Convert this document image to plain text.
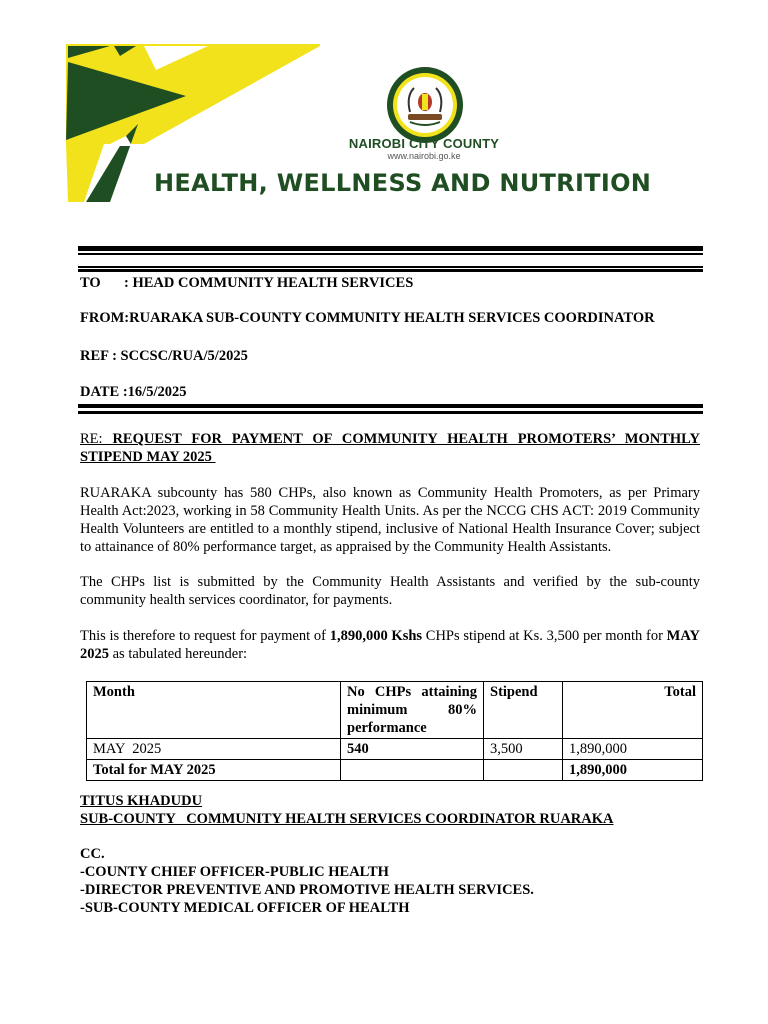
NAIROBI CITY COUNTY
www.nairobi.go.ke
HEALTH, WELLNESS AND NUTRITION
TO : HEAD COMMUNITY HEALTH SERVICES
FROM:RUARAKA SUB-COUNTY COMMUNITY HEALTH SERVICES COORDINATOR
REF : SCCSC/RUA/5/2025
DATE :16/5/2025
RE: REQUEST FOR PAYMENT OF COMMUNITY HEALTH PROMOTERS’ MONTHLY
STIPEND MAY 2025
RUARAKA subcounty has 580 CHPs, also known as Community Health Promoters, as per Primary Health Act:2023, working in 58 Community Health Units. As per the NCCG CHS ACT: 2019 Community Health Volunteers are entitled to a monthly stipend, inclusive of National Health Insurance Cover; subject to attainance of 80% performance target, as appraised by the Community Health Assistants.
The CHPs list is submitted by the Community Health Assistants and verified by the sub-county community health services coordinator, for payments.
This is therefore to request for payment of 1,890,000 Kshs CHPs stipend at Ks. 3,500 per month for MAY 2025 as tabulated hereunder:
Month	No CHPs attaining minimum 80% performance	Stipend	Total
MAY  2025	540	3,500	1,890,000
Total for MAY 2025			1,890,000
TITUS KHADUDU
SUB-COUNTY   COMMUNITY HEALTH SERVICES COORDINATOR RUARAKA
CC.
-COUNTY CHIEF OFFICER-PUBLIC HEALTH
-DIRECTOR PREVENTIVE AND PROMOTIVE HEALTH SERVICES.
-SUB-COUNTY MEDICAL OFFICER OF HEALTH
